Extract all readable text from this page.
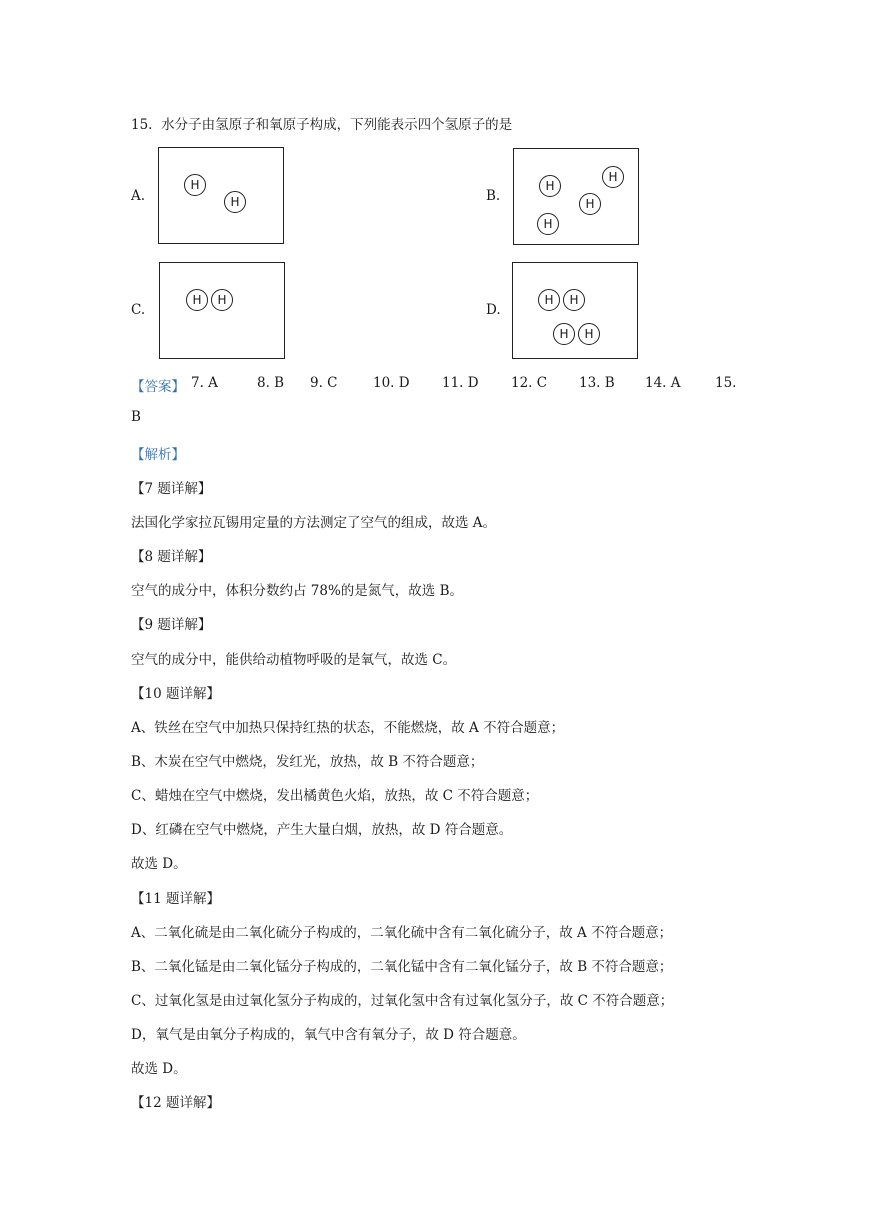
15. 水分子由氢原子和氧原子构成，下列能表示四个氢原子的是
A.
H
H	B.
H
H
H
H
C.
H	H
D.
H	H
H	H
【答案】 7. A	8. B 9. C	10. D 11. D 12. C 13. B 14. A	15.
B
【解析】
【7 题详解】
法国化学家拉瓦锡用定量的方法测定了空气的组成，故选 A。
【8 题详解】
空气的成分中，体积分数约占 78%的是氮气，故选 B。
【9 题详解】
空气的成分中，能供给动植物呼吸的是氧气，故选 C。
【10 题详解】
A、铁丝在空气中加热只保持红热的状态，不能燃烧，故 A 不符合题意；
B、木炭在空气中燃烧，发红光，放热，故 B 不符合题意；
C、蜡烛在空气中燃烧，发出橘黄色火焰，放热，故 C 不符合题意；
D、红磷在空气中燃烧，产生大量白烟，放热，故 D 符合题意。
故选 D。
【11 题详解】
A、二氧化硫是由二氧化硫分子构成的，二氧化硫中含有二氧化硫分子，故 A 不符合题意；
B、二氧化锰是由二氧化锰分子构成的，二氧化锰中含有二氧化锰分子，故 B 不符合题意；
C、过氧化氢是由过氧化氢分子构成的，过氧化氢中含有过氧化氢分子，故 C 不符合题意；
D，氧气是由氧分子构成的，氧气中含有氧分子，故 D 符合题意。
故选 D。
【12 题详解】
